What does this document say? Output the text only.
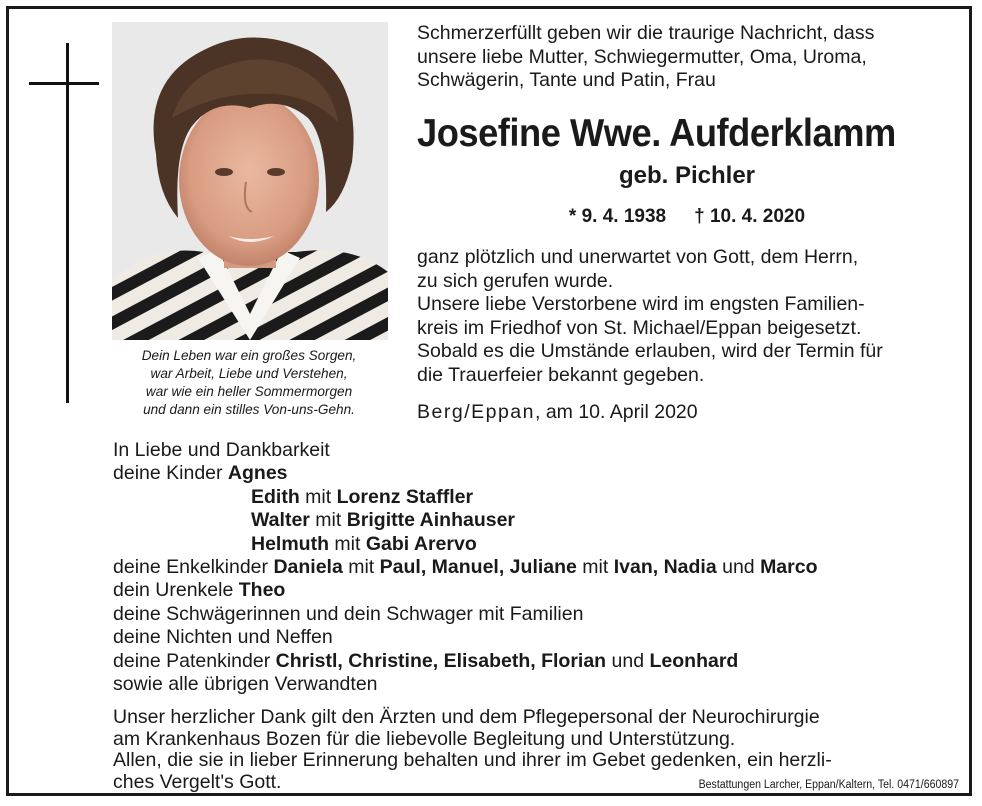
Dein Leben war ein großes Sorgen,
war Arbeit, Liebe und Verstehen,
war wie ein heller Sommermorgen
und dann ein stilles Von-uns-Gehn.
Schmerzerfüllt geben wir die traurige Nachricht, dass
unsere liebe Mutter, Schwiegermutter, Oma, Uroma,
Schwägerin, Tante und Patin, Frau
Josefine Wwe. Aufderklamm
geb. Pichler
* 9. 4. 1938 † 10. 4. 2020
ganz plötzlich und unerwartet von Gott, dem Herrn,
zu sich gerufen wurde.
Unsere liebe Verstorbene wird im engsten Familien-
kreis im Friedhof von St. Michael/Eppan beigesetzt.
Sobald es die Umstände erlauben, wird der Termin für
die Trauerfeier bekannt gegeben.
Berg/Eppan, am 10. April 2020
In Liebe und Dankbarkeit
deine Kinder Agnes
Edith mit Lorenz Staffler
Walter mit Brigitte Ainhauser
Helmuth mit Gabi Arervo
deine Enkelkinder Daniela mit Paul, Manuel, Juliane mit Ivan, Nadia und Marco
dein Urenkele Theo
deine Schwägerinnen und dein Schwager mit Familien
deine Nichten und Neffen
deine Patenkinder Christl, Christine, Elisabeth, Florian und Leonhard
sowie alle übrigen Verwandten
Unser herzlicher Dank gilt den Ärzten und dem Pflegepersonal der Neurochirurgie
am Krankenhaus Bozen für die liebevolle Begleitung und Unterstützung.
Allen, die sie in lieber Erinnerung behalten und ihrer im Gebet gedenken, ein herzli-
ches Vergelt's Gott.	Bestattungen Larcher, Eppan/Kaltern, Tel. 0471/660897
